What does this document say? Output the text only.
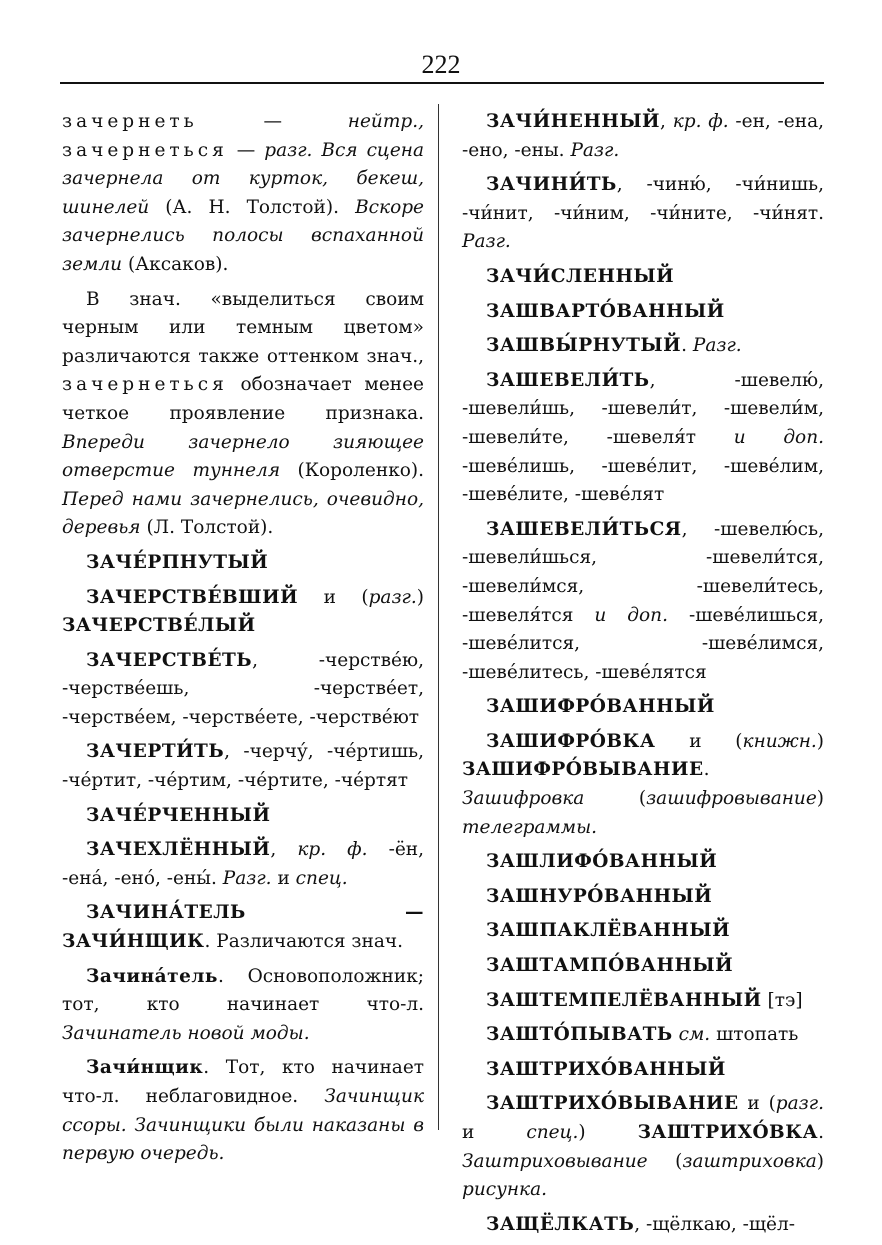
222
зачернеть — нейтр., зачернеться — разг. Вся сцена зачернела от курток, бекеш, шинелей (А. Н. Толстой). Вскоре зачернелись полосы вспаханной земли (Аксаков).
В знач. «выделиться своим черным или темным цветом» различаются также оттенком знач., зачернеться обозначает менее четкое проявление признака. Впереди зачернело зияющее отверстие туннеля (Короленко). Перед нами зачернелись, очевидно, деревья (Л. Толстой).
ЗАЧЕ́РПНУТЫЙ
ЗАЧЕРСТВЕ́ВШИЙ и (разг.) ЗАЧЕРСТВЕ́ЛЫЙ
ЗАЧЕРСТВЕ́ТЬ, -черстве́ю, -черстве́ешь, -черстве́ет, -черстве́ем, -черстве́ете, -черстве́ют
ЗАЧЕРТИ́ТЬ, -черчу́, -че́ртишь, -че́ртит, -че́ртим, -че́ртите, -че́ртят
ЗАЧЕ́РЧЕННЫЙ
ЗАЧЕХЛЁННЫЙ, кр. ф. -ён, -ена́, -ено́, -ены́. Разг. и спец.
ЗАЧИНА́ТЕЛЬ — ЗАЧИ́НЩИК. Различаются знач.
Зачина́тель. Основоположник; тот, кто начинает что-л. Зачинатель новой моды.
Зачи́нщик. Тот, кто начинает что-л. неблаговидное. Зачинщик ссоры. Зачинщики были наказаны в первую очередь.
ЗАЧИ́НЕННЫЙ, кр. ф. -ен, -ена, -ено, -ены. Разг.
ЗАЧИНИ́ТЬ, -чиню́, -чи́нишь, -чи́нит, -чи́ним, -чи́ните, -чи́нят. Разг.
ЗАЧИ́СЛЕННЫЙ
ЗАШВАРТО́ВАННЫЙ
ЗАШВЫ́РНУТЫЙ. Разг.
ЗАШЕВЕЛИ́ТЬ, -шевелю́, -шевели́шь, -шевели́т, -шевели́м, -шевели́те, -шевеля́т и доп. -шеве́лишь, -шеве́лит, -шеве́лим, -шеве́лите, -шеве́лят
ЗАШЕВЕЛИ́ТЬСЯ, -шевелю́сь, -шевели́шься, -шевели́тся, -шевели́мся, -шевели́тесь, -шевеля́тся и доп. -шеве́лишься, -шеве́лится, -шеве́лимся, -шеве́литесь, -шеве́лятся
ЗАШИФРО́ВАННЫЙ
ЗАШИФРО́ВКА и (книжн.) ЗАШИФРО́ВЫВАНИЕ. Зашифровка (зашифровывание) телеграммы.
ЗАШЛИФО́ВАННЫЙ
ЗАШНУРО́ВАННЫЙ
ЗАШПАКЛЁВАННЫЙ
ЗАШТАМПО́ВАННЫЙ
ЗАШТЕМПЕЛЁВАННЫЙ [тэ]
ЗАШТО́ПЫВАТЬ см. штопать
ЗАШТРИХО́ВАННЫЙ
ЗАШТРИХО́ВЫВАНИЕ и (разг. и спец.) ЗАШТРИХО́ВКА. Заштриховывание (заштриховка) рисунка.
ЗАЩЁЛКАТЬ, -щёлкаю, -щёл-
